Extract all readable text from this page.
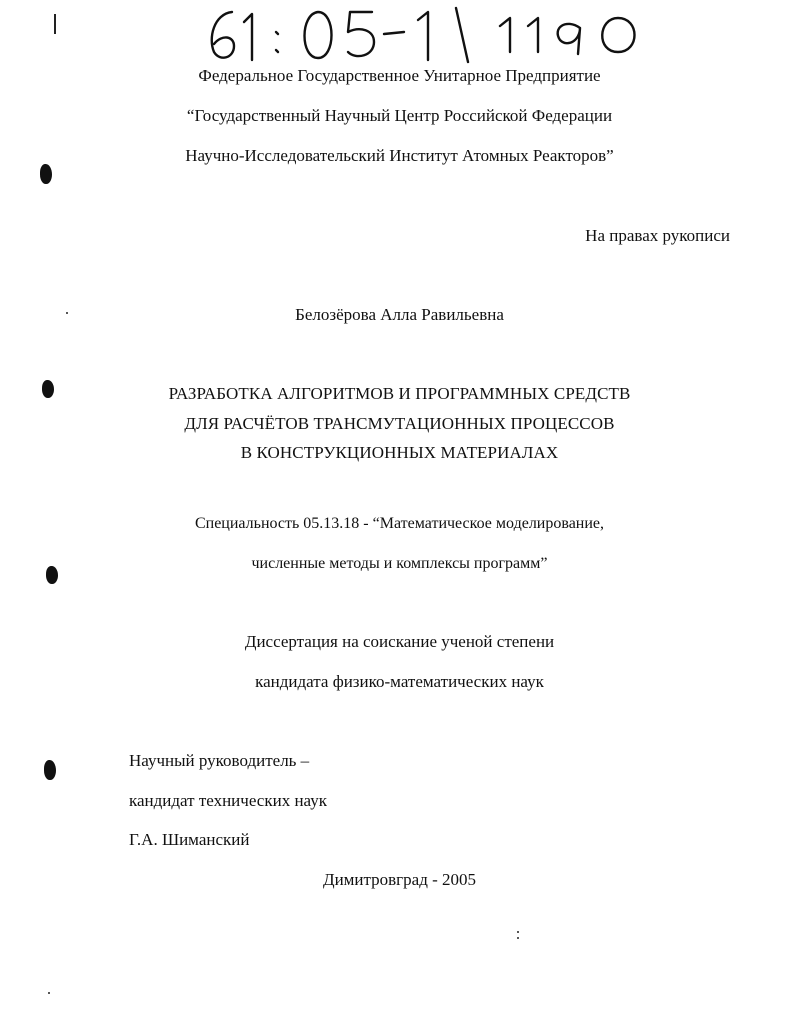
Федеральное Государственное Унитарное Предприятие
“Государственный Научный Центр Российской Федерации
Научно-Исследовательский Институт Атомных Реакторов”
На правах рукописи
Белозёрова Алла Равильевна
РАЗРАБОТКА АЛГОРИТМОВ И ПРОГРАММНЫХ СРЕДСТВ
ДЛЯ РАСЧЁТОВ ТРАНСМУТАЦИОННЫХ ПРОЦЕССОВ
В КОНСТРУКЦИОННЫХ МАТЕРИАЛАХ
Специальность 05.13.18 - “Математическое моделирование,
численные методы и комплексы программ”
Диссертация на соискание ученой степени
кандидата физико-математических наук
Научный руководитель –
кандидат технических наук
Г.А. Шиманский
Димитровград - 2005
